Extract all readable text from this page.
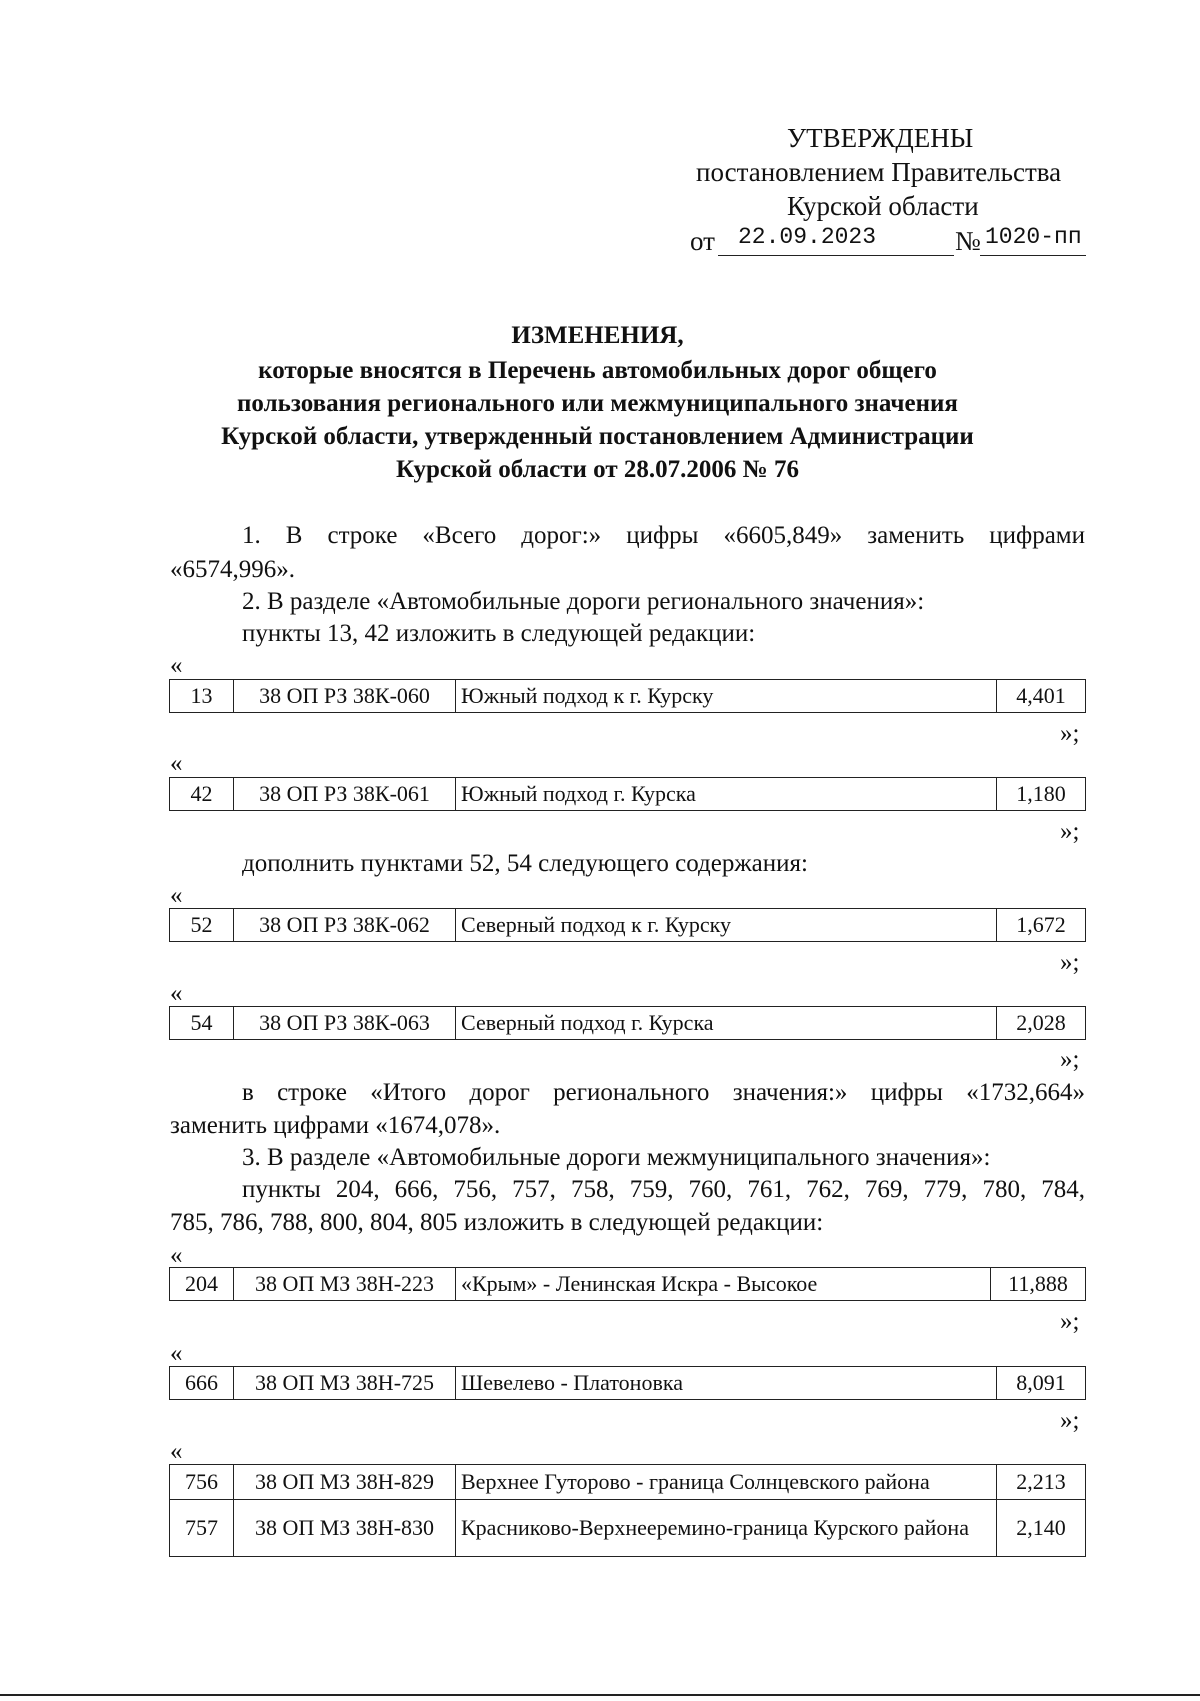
УТВЕРЖДЕНЫ
постановлением Правительства
Курской области
от 22.09.2023	№ 1020-пп
ИЗМЕНЕНИЯ,
которые вносятся в Перечень автомобильных дорог общего
пользования регионального или межмуниципального значения
Курской области, утвержденный постановлением Администрации
Курской области от 28.07.2006 № 76
1. В строке «Всего дорог:» цифры «6605,849» заменить цифрами
«6574,996».
2. В разделе «Автомобильные дороги регионального значения»:
пункты 13, 42 изложить в следующей редакции:
«
13	38 ОП РЗ 38К-060	Южный подход к г. Курску	4,401
»;
«
42	38 ОП РЗ 38К-061	Южный подход г. Курска	1,180
»;
дополнить пунктами 52, 54 следующего содержания:
«
52	38 ОП РЗ 38К-062	Северный подход к г. Курску	1,672
»;
«
54	38 ОП РЗ 38К-063	Северный подход г. Курска	2,028
»;
в строке «Итого дорог регионального значения:» цифры «1732,664»
заменить цифрами «1674,078».
3. В разделе «Автомобильные дороги межмуниципального значения»:
пункты 204, 666, 756, 757, 758, 759, 760, 761, 762, 769, 779, 780, 784,
785, 786, 788, 800, 804, 805 изложить в следующей редакции:
«
204	38 ОП МЗ 38Н-223	«Крым» - Ленинская Искра - Высокое	11,888
»;
«
666	38 ОП МЗ 38Н-725	Шевелево - Платоновка	8,091
»;
«
756	38 ОП МЗ 38Н-829	Верхнее Гуторово - граница Солнцевского района	2,213
757	38 ОП МЗ 38Н-830	Красниково-Верхнееремино-граница Курского района	2,140
